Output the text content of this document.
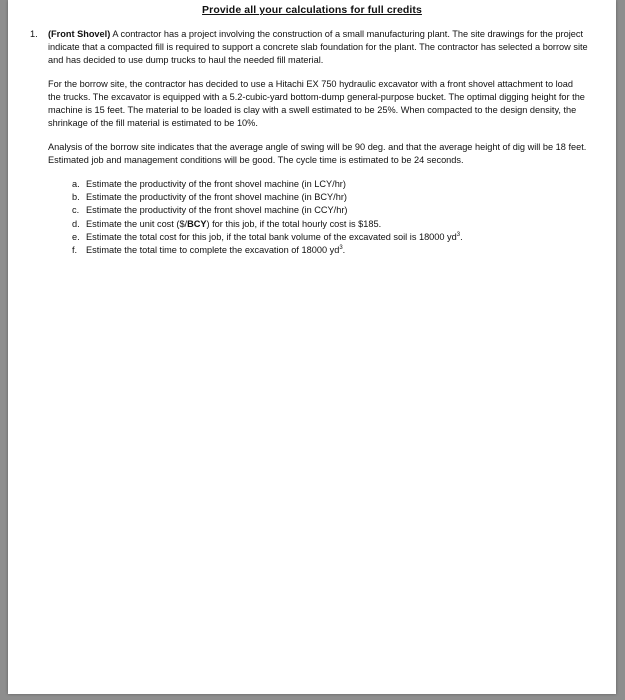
Provide all your calculations for full credits
1. (Front Shovel) A contractor has a project involving the construction of a small manufacturing plant. The site drawings for the project indicate that a compacted fill is required to support a concrete slab foundation for the plant. The contractor has selected a borrow site and has decided to use dump trucks to haul the needed fill material.

For the borrow site, the contractor has decided to use a Hitachi EX 750 hydraulic excavator with a front shovel attachment to load the trucks. The excavator is equipped with a 5.2-cubic-yard bottom-dump general-purpose bucket. The optimal digging height for the machine is 15 feet. The material to be loaded is clay with a swell estimated to be 25%. When compacted to the design density, the shrinkage of the fill material is estimated to be 10%.

Analysis of the borrow site indicates that the average angle of swing will be 90 deg. and that the average height of dig will be 18 feet. Estimated job and management conditions will be good. The cycle time is estimated to be 24 seconds.

a. Estimate the productivity of the front shovel machine (in LCY/hr)
b. Estimate the productivity of the front shovel machine (in BCY/hr)
c. Estimate the productivity of the front shovel machine (in CCY/hr)
d. Estimate the unit cost ($/BCY) for this job, if the total hourly cost is $185.
e. Estimate the total cost for this job, if the total bank volume of the excavated soil is 18000 $yd^3$.
f. Estimate the total time to complete the excavation of 18000 $yd^3$.
